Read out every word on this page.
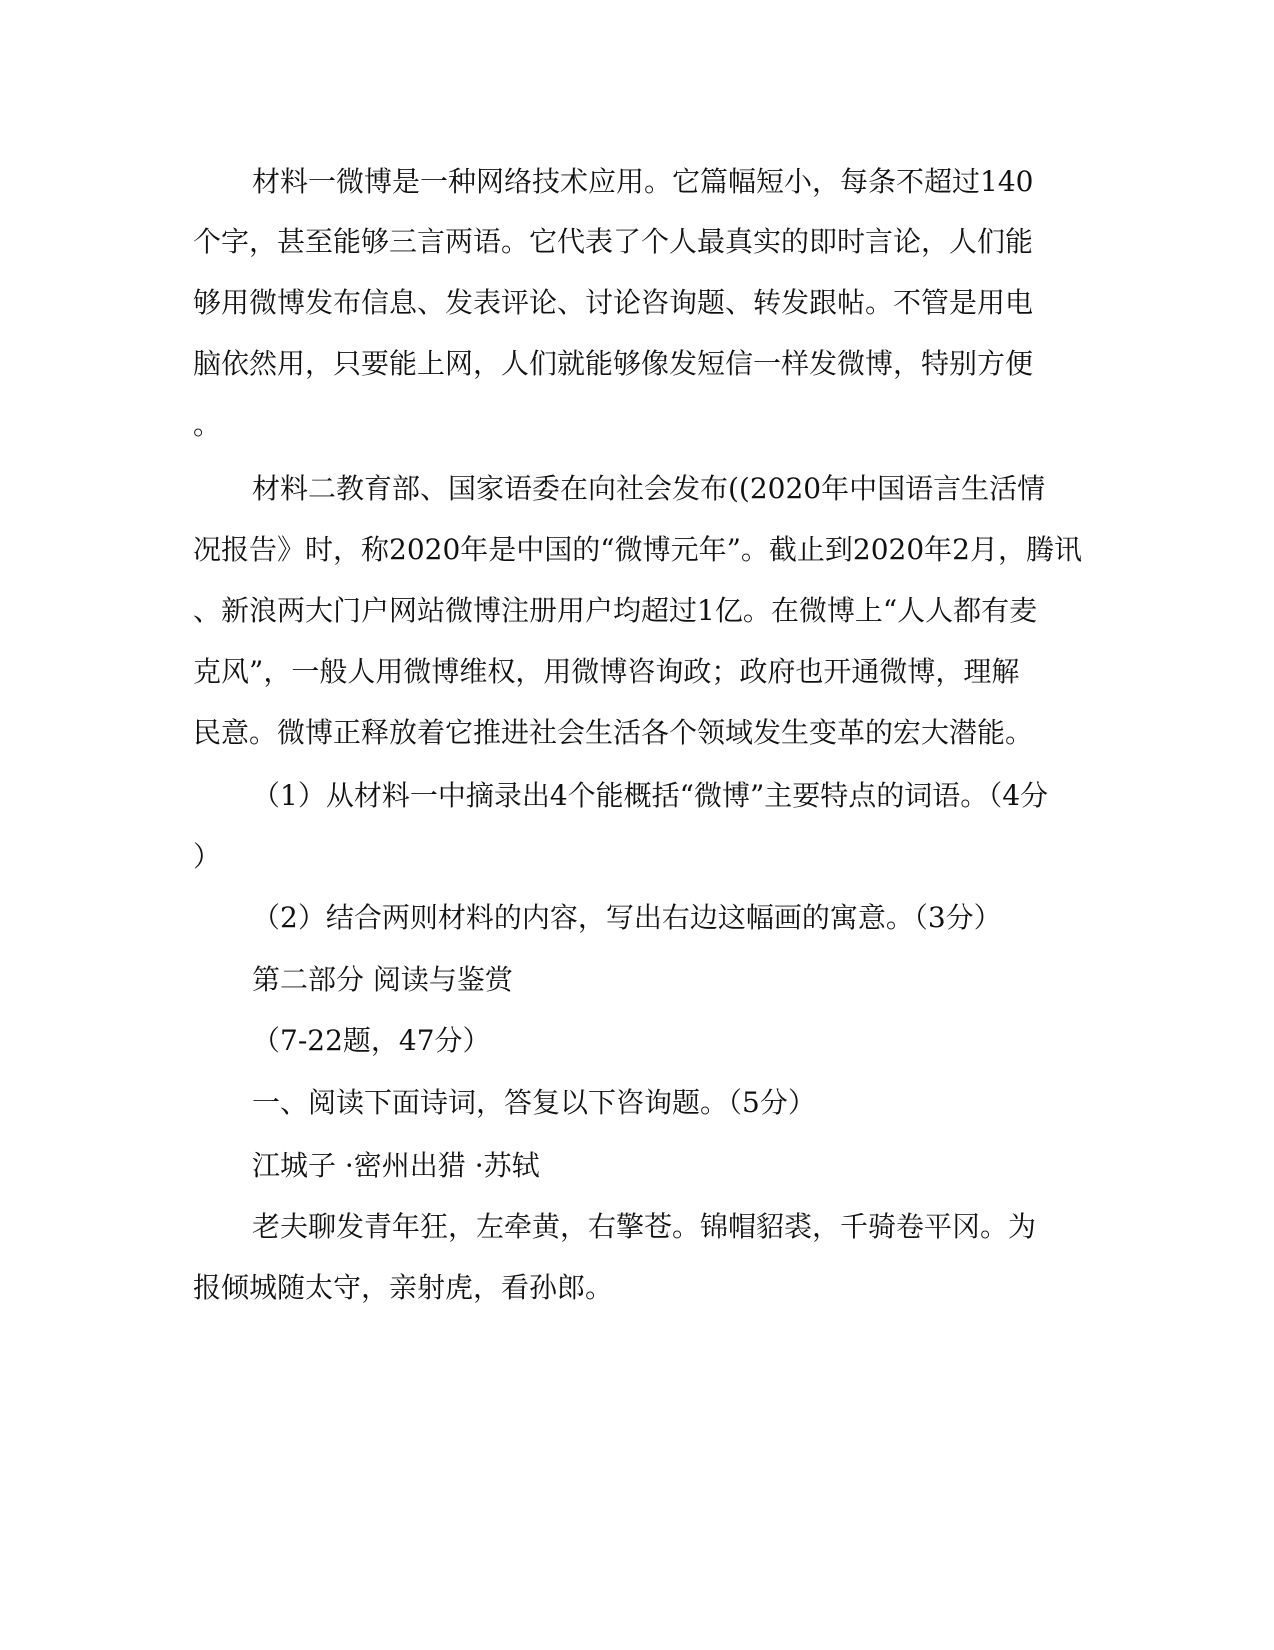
材料一微博是一种网络技术应用。它篇幅短小，每条不超过140
个字，甚至能够三言两语。它代表了个人最真实的即时言论，人们能
够用微博发布信息、发表评论、讨论咨询题、转发跟帖。不管是用电
脑依然用，只要能上网，人们就能够像发短信一样发微博，特别方便
。
材料二教育部、国家语委在向社会发布((2020年中国语言生活情
况报告》时，称2020年是中国的“微博元年”。截止到2020年2月，腾讯
、新浪两大门户网站微博注册用户均超过1亿。在微博上“人人都有麦
克风”，一般人用微博维权，用微博咨询政；政府也开通微博，理解
民意。微博正释放着它推进社会生活各个领域发生变革的宏大潜能。
（1）从材料一中摘录出4个能概括“微博”主要特点的词语。（4分
）
（2）结合两则材料的内容，写出右边这幅画的寓意。（3分）
第二部分 阅读与鉴赏
（7-22题，47分）
一、阅读下面诗词，答复以下咨询题。（5分）
江城子 ·密州出猎 ·苏轼
老夫聊发青年狂，左牵黄，右擎苍。锦帽貂裘，千骑卷平冈。为
报倾城随太守，亲射虎，看孙郎。
